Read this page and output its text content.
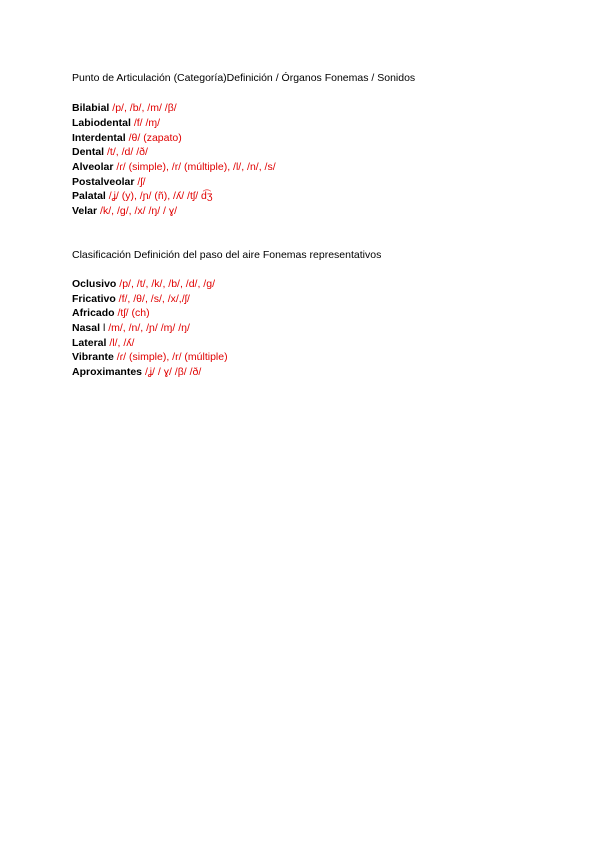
Punto de Articulación (Categoría)Definición / Órganos Fonemas / Sonidos
Bilabial /p/, /b/, /m/ /β/
Labiodental /f/ /ɱ/
Interdental /θ/ (zapato)
Dental /t/, /d/ /ð/
Alveolar /ɾ/ (simple), /r/ (múltiple), /l/, /n/, /s/
Postalveolar /ʃ/
Palatal /ʝ/ (y), /ɲ/ (ñ), /ʎ/ /tʃ/ d͡ʒ
Velar /k/, /g/, /x/ /ŋ/ / ɣ/
Clasificación Definición del paso del aire Fonemas representativos
Oclusivo /p/, /t/, /k/, /b/, /d/, /g/
Fricativo /f/, /θ/, /s/, /x/,/ʃ/
Africado /tʃ/ (ch)
Nasal l /m/, /n/, /ɲ/ /ɱ/ /ŋ/
Lateral /l/, /ʎ/
Vibrante /ɾ/ (simple), /r/ (múltiple)
Aproximantes /ʝ/ / ɣ/ /β/ /ð/
